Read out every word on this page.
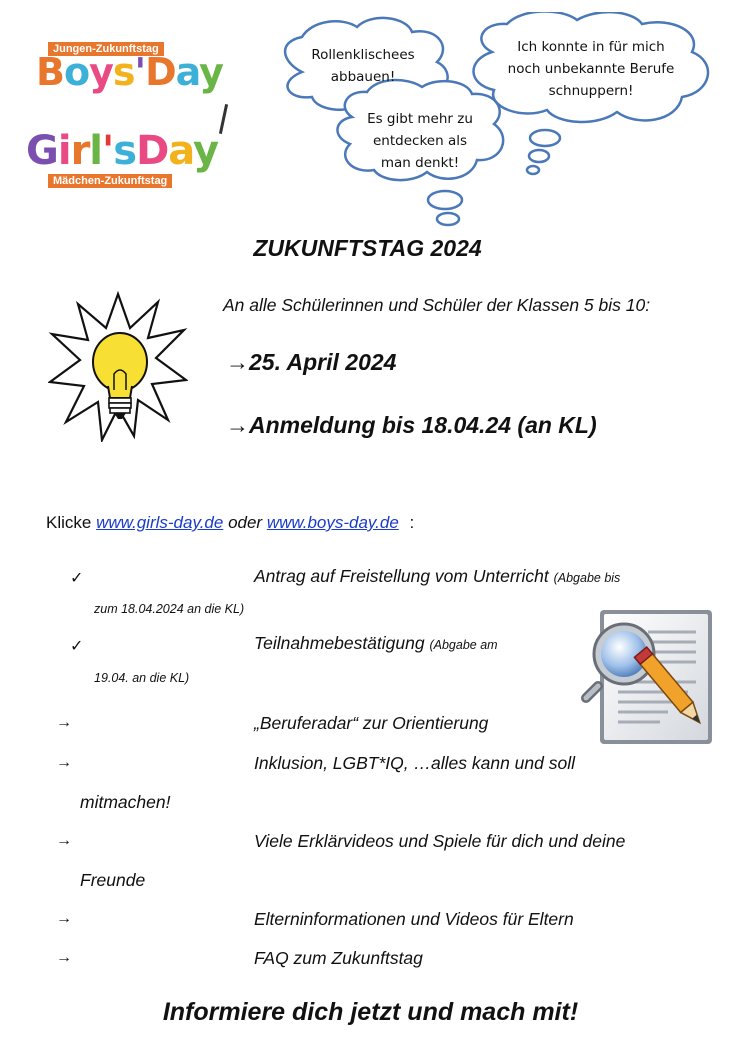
Jungen-Zukunftstag
Boys'Day
Girl'sDay
Mädchen-Zukunftstag
Rollenklischees
abbauen!
Ich konnte in für mich
noch unbekannte Berufe
schnuppern!
Es gibt mehr zu
entdecken als
man denkt!
ZUKUNFTSTAG 2024
An alle Schülerinnen und Schüler der Klassen 5 bis 10:
→25. April 2024
→Anmeldung bis 18.04.24 (an KL)
Klicke www.girls-day.de oder www.boys-day.de :
✓	Antrag auf Freistellung vom Unterricht (Abgabe bis
zum 18.04.2024 an die KL)
✓	Teilnahmebestätigung (Abgabe am
19.04. an die KL)
→	„Beruferadar“ zur Orientierung
→	Inklusion, LGBT*IQ, …alles kann und soll
mitmachen!
→	Viele Erklärvideos und Spiele für dich und deine
Freunde
→	Elterninformationen und Videos für Eltern
→	FAQ zum Zukunftstag
Informiere dich jetzt und mach mit!
